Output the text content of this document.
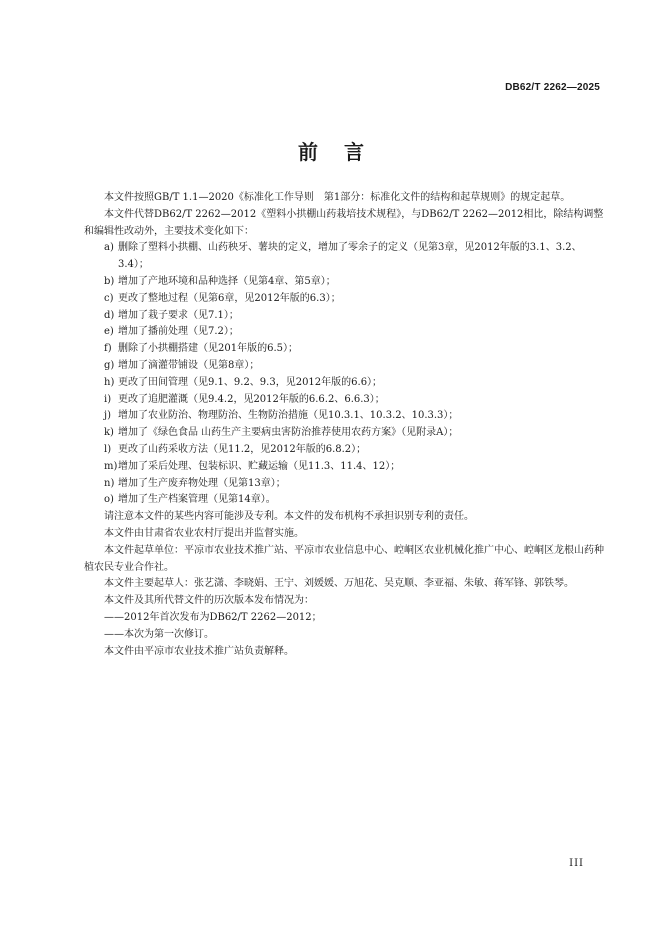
DB62/T 2262—2025
前言

本文件按照GB/T 1.1—2020《标准化工作导则　第1部分：标准化文件的结构和起草规则》的规定起草。

本文件代替DB62/T 2262—2012《塑料小拱棚山药栽培技术规程》，与DB62/T 2262—2012相比，除结构调整和编辑性改动外，主要技术变化如下：

a) 删除了塑料小拱棚、山药秧牙、薯块的定义，增加了零余子的定义（见第3章，见2012年版的3.1、3.2、3.4）；
b) 增加了产地环境和品种选择（见第4章、第5章）；
c) 更改了整地过程（见第6章，见2012年版的6.3）；
d) 增加了栽子要求（见7.1）；
e) 增加了播前处理（见7.2）；
f) 删除了小拱棚搭建（见201年版的6.5）；
g) 增加了滴灌带铺设（见第8章）；
h) 更改了田间管理（见9.1、9.2、9.3，见2012年版的6.6）；
i) 更改了追肥灌溉（见9.4.2，见2012年版的6.6.2、6.6.3）；
j) 增加了农业防治、物理防治、生物防治措施（见10.3.1、10.3.2、10.3.3）；
k) 增加了《绿色食品 山药生产主要病虫害防治推荐使用农药方案》（见附录A）；
l) 更改了山药采收方法（见11.2，见2012年版的6.8.2）；
m) 增加了采后处理、包装标识、贮藏运输（见11.3、11.4、12）；
n) 增加了生产废弃物处理（见第13章）；
o) 增加了生产档案管理（见第14章）。

请注意本文件的某些内容可能涉及专利。本文件的发布机构不承担识别专利的责任。

本文件由甘肃省农业农村厅提出并监督实施。

本文件起草单位：平凉市农业技术推广站、平凉市农业信息中心、崆峒区农业机械化推广中心、崆峒区龙根山药种植农民专业合作社。

本文件主要起草人：张艺潇、李晓娟、王宁、刘媛媛、万旭花、吴克顺、李亚福、朱敏、蒋军锋、郭铁琴。

本文件及其所代替文件的历次版本发布情况为：

——2012年首次发布为DB62/T 2262—2012；

——本次为第一次修订。

本文件由平凉市农业技术推广站负责解释。

III
